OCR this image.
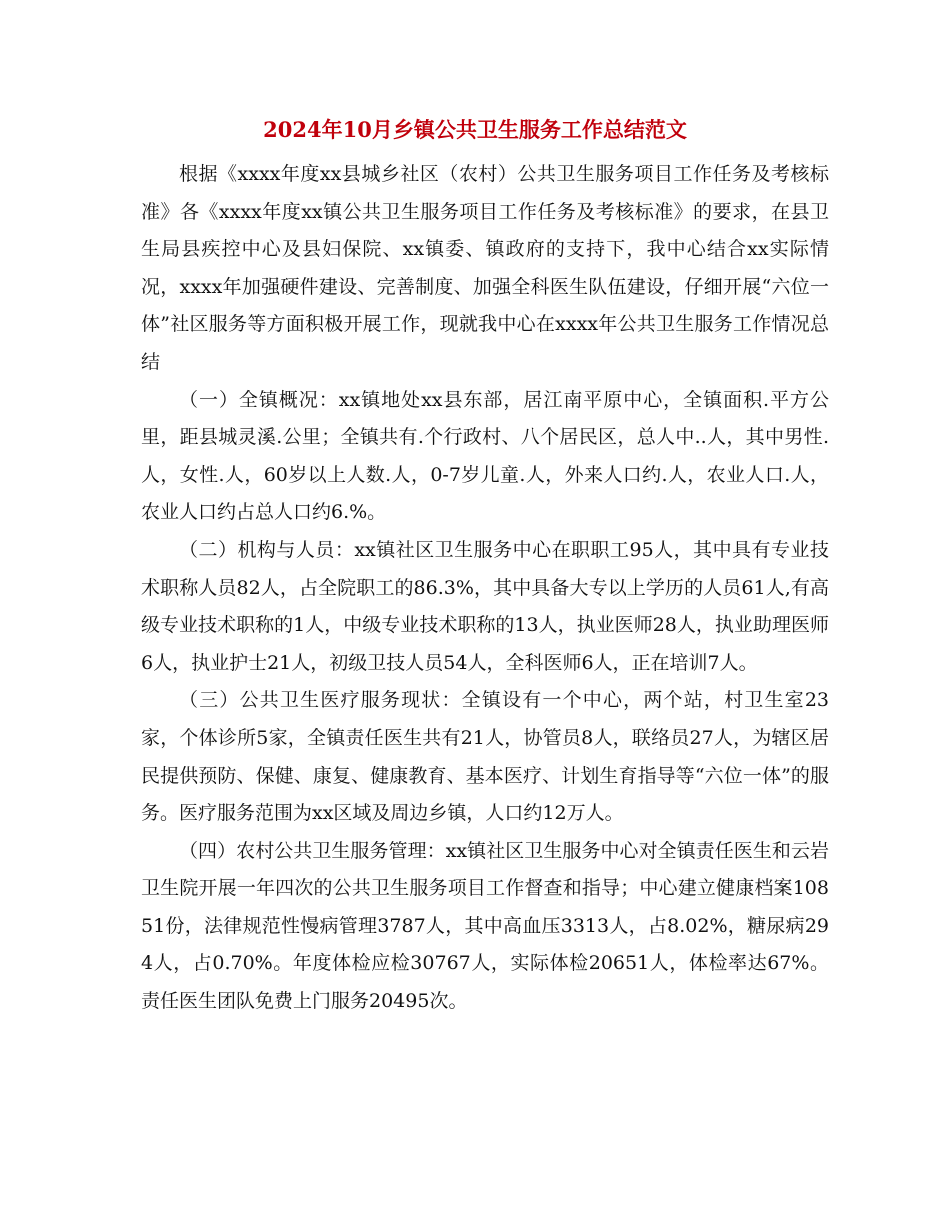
2024年10月乡镇公共卫生服务工作总结范文

根据《xxxx年度xx县城乡社区（农村）公共卫生服务项目工作任务及考核标准》各《xxxx年度xx镇公共卫生服务项目工作任务及考核标准》的要求，在县卫生局县疾控中心及县妇保院、xx镇委、镇政府的支持下，我中心结合xx实际情况，xxxx年加强硬件建设、完善制度、加强全科医生队伍建设，仔细开展“六位一体”社区服务等方面积极开展工作，现就我中心在xxxx年公共卫生服务工作情况总结

（一）全镇概况：xx镇地处xx县东部，居江南平原中心，全镇面积.平方公里，距县城灵溪.公里；全镇共有.个行政村、八个居民区，总人中..人，其中男性.人，女性.人，60岁以上人数.人，0-7岁儿童.人，外来人口约.人，农业人口.人，农业人口约占总人口约6.%。

（二）机构与人员：xx镇社区卫生服务中心在职职工95人，其中具有专业技术职称人员82人，占全院职工的86.3%，其中具备大专以上学历的人员61人,有高级专业技术职称的1人，中级专业技术职称的13人，执业医师28人，执业助理医师6人，执业护士21人，初级卫技人员54人，全科医师6人，正在培训7人。

（三）公共卫生医疗服务现状：全镇设有一个中心，两个站，村卫生室23家，个体诊所5家，全镇责任医生共有21人，协管员8人，联络员27人，为辖区居民提供预防、保健、康复、健康教育、基本医疗、计划生育指导等“六位一体”的服务。医疗服务范围为xx区域及周边乡镇，人口约12万人。

（四）农村公共卫生服务管理：xx镇社区卫生服务中心对全镇责任医生和云岩卫生院开展一年四次的公共卫生服务项目工作督查和指导；中心建立健康档案10851份，法律规范性慢病管理3787人，其中高血压3313人，占8.02%，糖尿病294人，占0.70%。年度体检应检30767人，实际体检20651人，体检率达67%。责任医生团队免费上门服务20495次。
